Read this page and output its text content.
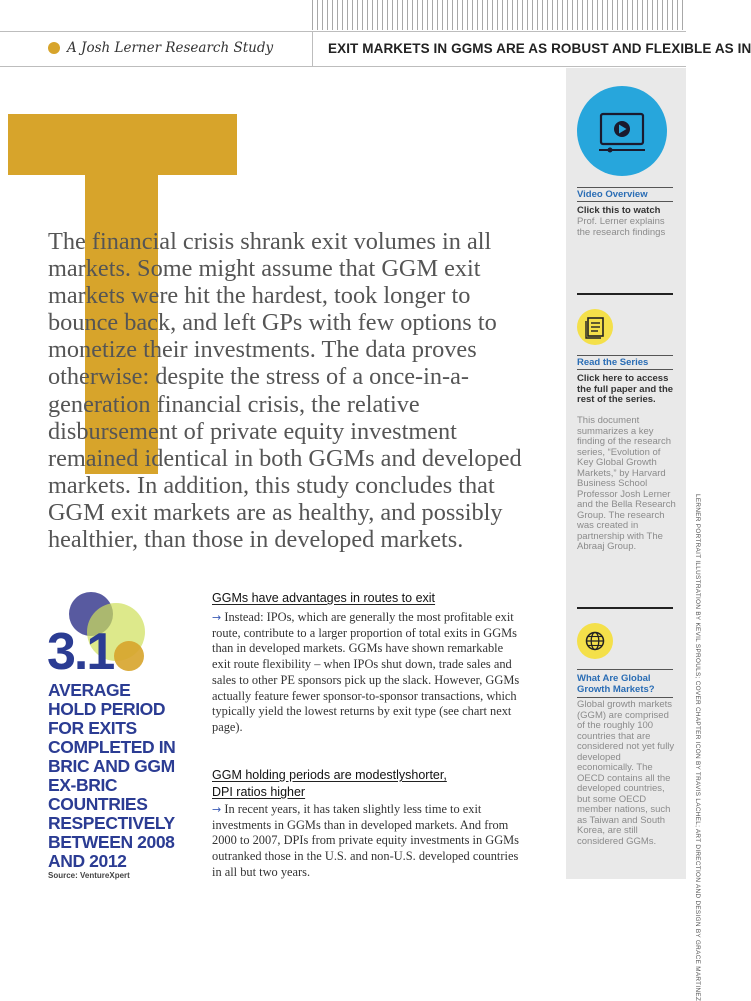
A Josh Lerner Research Study	EXIT MARKETS IN GGMS ARE AS ROBUST AND FLEXIBLE AS IN

The financial crisis shrank exit volumes in all markets. Some might assume that GGM exit markets were hit the hardest, took longer to bounce back, and left GPs with few options to monetize their investments. The data proves otherwise: despite the stress of a once-in-a-generation financial crisis, the relative disbursement of private equity investment remained identical in both GGMs and developed markets. In addition, this study concludes that GGM exit markets are as healthy, and possibly healthier, than those in developed markets.

3.1

AVERAGE HOLD PERIOD FOR EXITS COMPLETED IN BRIC AND GGM EX-BRIC COUNTRIES RESPECTIVELY BETWEEN 2008 AND 2012

Source: VentureXpert
GGMs have advantages in routes to exit

→ Instead: IPOs, which are generally the most profitable exit route, contribute to a larger proportion of total exits in GGMs than in developed markets. GGMs have shown remarkable exit route flexibility – when IPOs shut down, trade sales and sales to other PE sponsors pick up the slack. However, GGMs actually feature fewer sponsor-to-sponsor transactions, which typically yield the lowest returns by exit type (see chart next page).

GGM holding periods are modestlyshorter,
DPI ratios higher

→ In recent years, it has taken slightly less time to exit investments in GGMs than in developed markets. And from 2000 to 2007, DPIs from private equity investments in GGMs outranked those in the U.S. and non-U.S. developed countries in all but two years.

Video Overview

Click this to watch

Prof. Lerner explains the research findings

Read the Series

Click here to access the full paper and the rest of the series.

This document summarizes a key finding of the research series, “Evolution of Key Global Growth Markets,” by Harvard Business School Professor Josh Lerner and the Bella Research Group. The research was created in partnership with The Abraaj Group.

What Are Global Growth Markets?

Global growth markets (GGM) are comprised of the roughly 100 countries that are considered not yet fully developed economically. The OECD contains all the developed countries, but some OECD member nations, such as Taiwan and South Korea, are still considered GGMs.	LERNER PORTRAIT ILLUSTRATION BY KEVIL SPROULS; COVER CHAPTER ICON BY TRAVIS LACHEL; ART DIRECTION AND DESIGN BY GRACE MARTINEZ
